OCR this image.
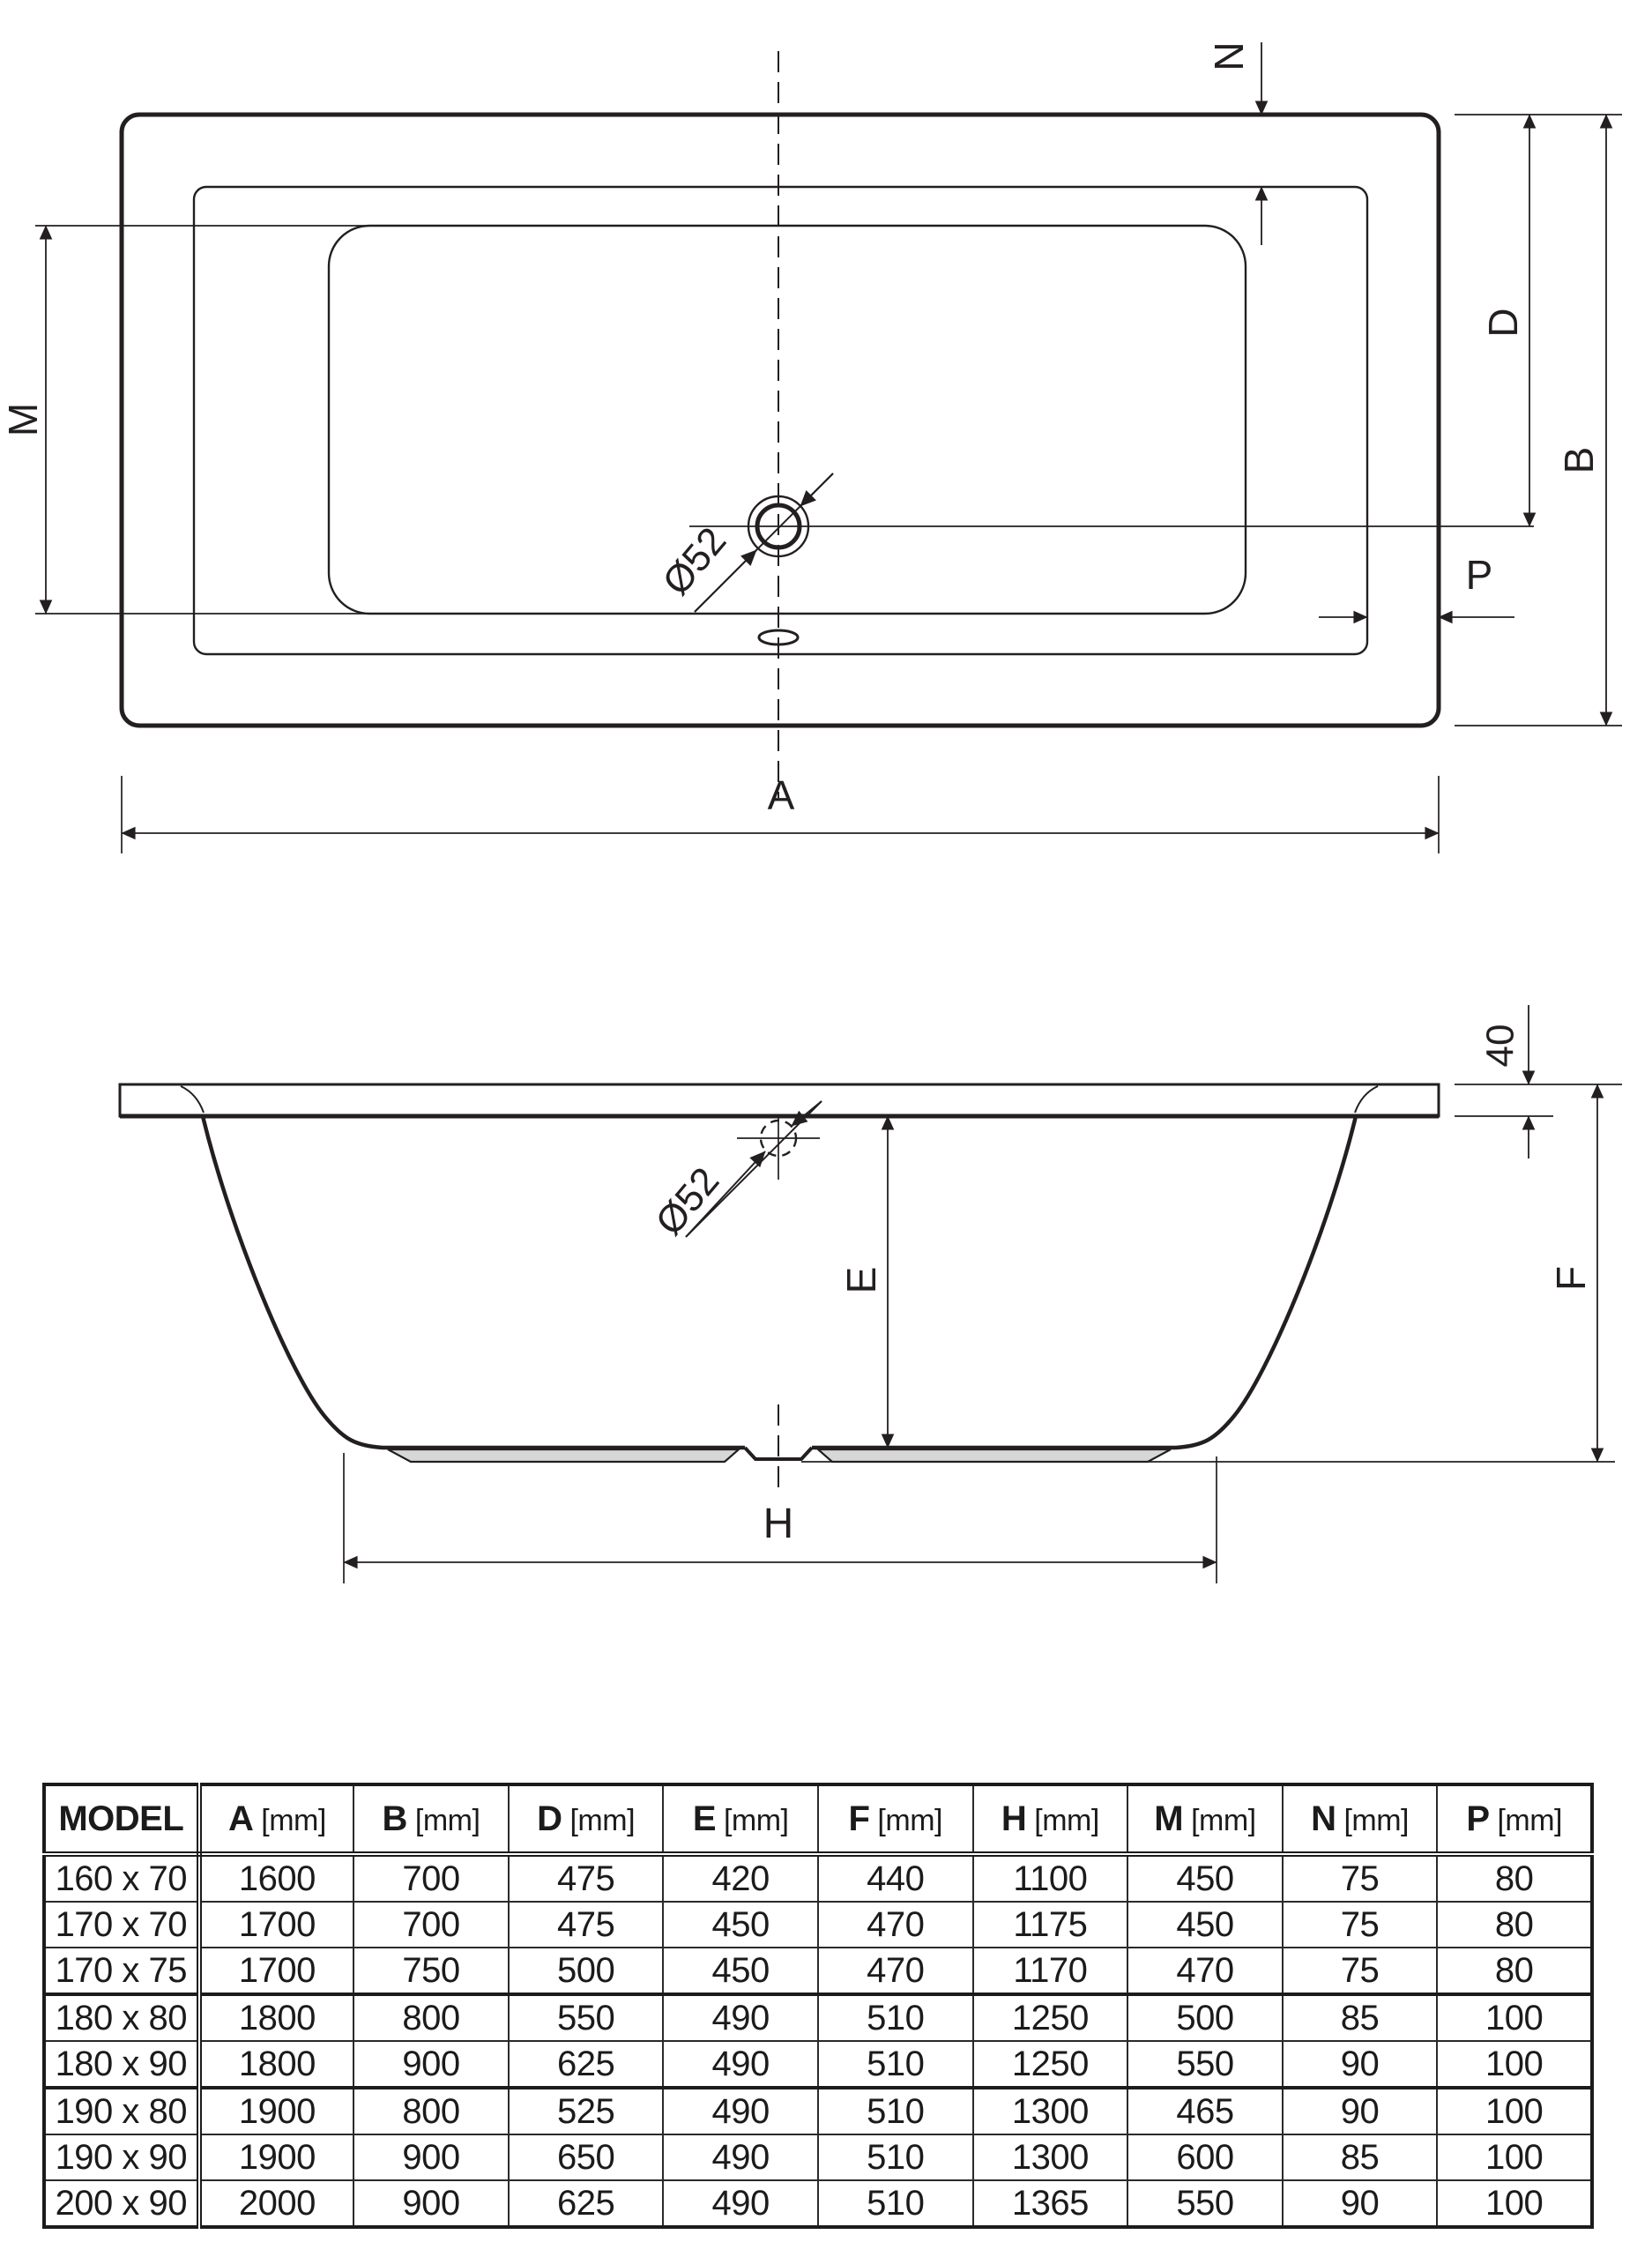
Ø52
N
M
D
B
P
A
Ø52
40
E	F
H
MODEL	A [mm]	B [mm]	D [mm]	E [mm]	F [mm]	H [mm]	M [mm]	N [mm]	P [mm]
160 x 70	1600	700	475	420	440	1100	450	75	80
170 x 70	1700	700	475	450	470	1175	450	75	80
170 x 75	1700	750	500	450	470	1170	470	75	80
180 x 80	1800	800	550	490	510	1250	500	85	100
180 x 90	1800	900	625	490	510	1250	550	90	100
190 x 80	1900	800	525	490	510	1300	465	90	100
190 x 90	1900	900	650	490	510	1300	600	85	100
200 x 90	2000	900	625	490	510	1365	550	90	100
